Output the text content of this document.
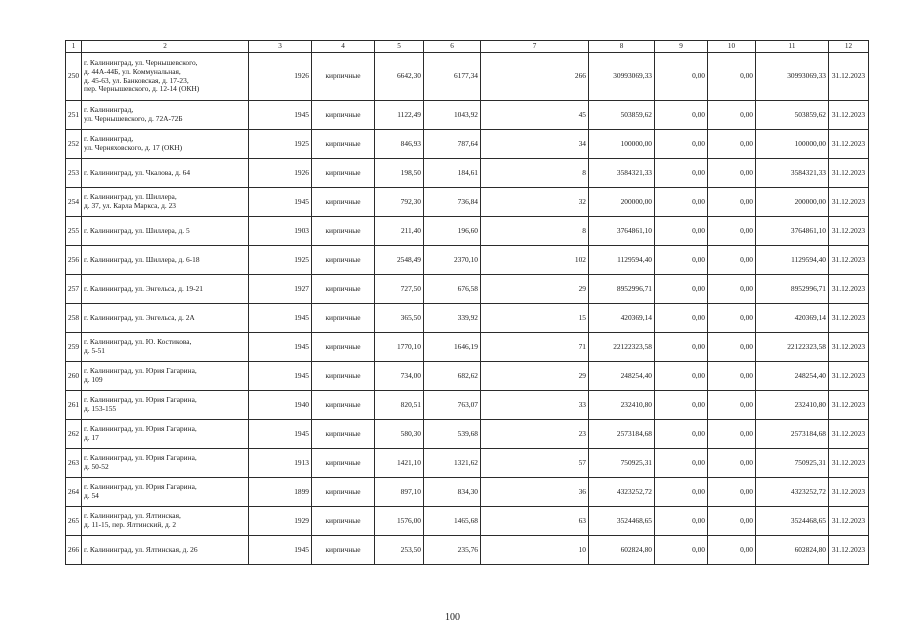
1	2	3	4	5	6	7	8	9	10	11	12
250	г. Калининград, ул. Чернышевского,
д. 44А-44Б, ул. Коммунальная,
д. 45-63, ул. Банковская, д. 17-23,
пер. Чернышевского, д. 12-14 (ОКН)	1926	кирпичные	6642,30	6177,34	266	30993069,33	0,00	0,00	30993069,33	31.12.2023
251	г. Калининград,
ул. Чернышевского, д. 72А-72Б	1945	кирпичные	1122,49	1043,92	45	503859,62	0,00	0,00	503859,62	31.12.2023
252	г. Калининград,
ул. Черняховского, д. 17 (ОКН)	1925	кирпичные	846,93	787,64	34	100000,00	0,00	0,00	100000,00	31.12.2023
253	г. Калининград, ул. Чкалова, д. 64	1926	кирпичные	198,50	184,61	8	3584321,33	0,00	0,00	3584321,33	31.12.2023
254	г. Калининград, ул. Шиллера,
д. 37, ул. Карла Маркса, д. 23	1945	кирпичные	792,30	736,84	32	200000,00	0,00	0,00	200000,00	31.12.2023
255	г. Калининград, ул. Шиллера, д. 5	1903	кирпичные	211,40	196,60	8	3764861,10	0,00	0,00	3764861,10	31.12.2023
256	г. Калининград, ул. Шиллера, д. 6-18	1925	кирпичные	2548,49	2370,10	102	1129594,40	0,00	0,00	1129594,40	31.12.2023
257	г. Калининград, ул. Энгельса, д. 19-21	1927	кирпичные	727,50	676,58	29	8952996,71	0,00	0,00	8952996,71	31.12.2023
258	г. Калининград, ул. Энгельса, д. 2А	1945	кирпичные	365,50	339,92	15	420369,14	0,00	0,00	420369,14	31.12.2023
259	г. Калининград, ул. Ю. Костикова,
д. 5-51	1945	кирпичные	1770,10	1646,19	71	22122323,58	0,00	0,00	22122323,58	31.12.2023
260	г. Калининград, ул. Юрия Гагарина,
д. 109	1945	кирпичные	734,00	682,62	29	248254,40	0,00	0,00	248254,40	31.12.2023
261	г. Калининград, ул. Юрия Гагарина,
д. 153-155	1940	кирпичные	820,51	763,07	33	232410,80	0,00	0,00	232410,80	31.12.2023
262	г. Калининград, ул. Юрия Гагарина,
д. 17	1945	кирпичные	580,30	539,68	23	2573184,68	0,00	0,00	2573184,68	31.12.2023
263	г. Калининград, ул. Юрия Гагарина,
д. 50-52	1913	кирпичные	1421,10	1321,62	57	750925,31	0,00	0,00	750925,31	31.12.2023
264	г. Калининград, ул. Юрия Гагарина,
д. 54	1899	кирпичные	897,10	834,30	36	4323252,72	0,00	0,00	4323252,72	31.12.2023
265	г. Калининград, ул. Ялтинская,
д. 11-15, пер. Ялтинский, д. 2	1929	кирпичные	1576,00	1465,68	63	3524468,65	0,00	0,00	3524468,65	31.12.2023
266	г. Калининград, ул. Ялтинская, д. 26	1945	кирпичные	253,50	235,76	10	602824,80	0,00	0,00	602824,80	31.12.2023
100
